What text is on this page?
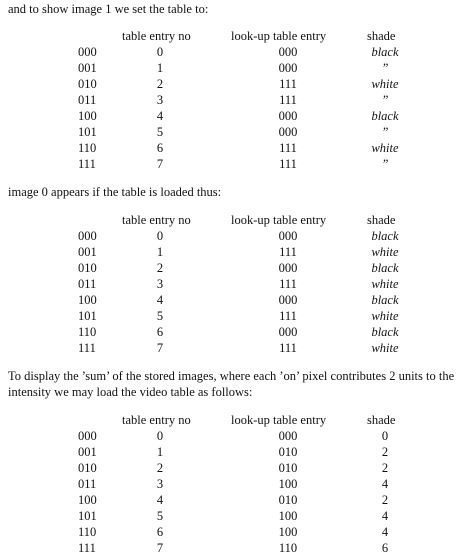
and to show image 1 we set the table to:

table entry no	look-up table entry	shade
000	0	000	black
001	1	000	”
010	2	111	white
011	3	111	”
100	4	000	black
101	5	000	”
110	6	111	white
111	7	111	”

image 0 appears if the table is loaded thus:

table entry no	look-up table entry	shade
000	0	000	black
001	1	111	white
010	2	000	black
011	3	111	white
100	4	000	black
101	5	111	white
110	6	000	black
111	7	111	white

To display the ’sum’ of the stored images, where each ’on’ pixel contributes 2 units to the intensity we may load the video table as follows:

table entry no	look-up table entry	shade
000	0	000	0
001	1	010	2
010	2	010	2
011	3	100	4
100	4	010	2
101	5	100	4
110	6	100	4
111	7	110	6
